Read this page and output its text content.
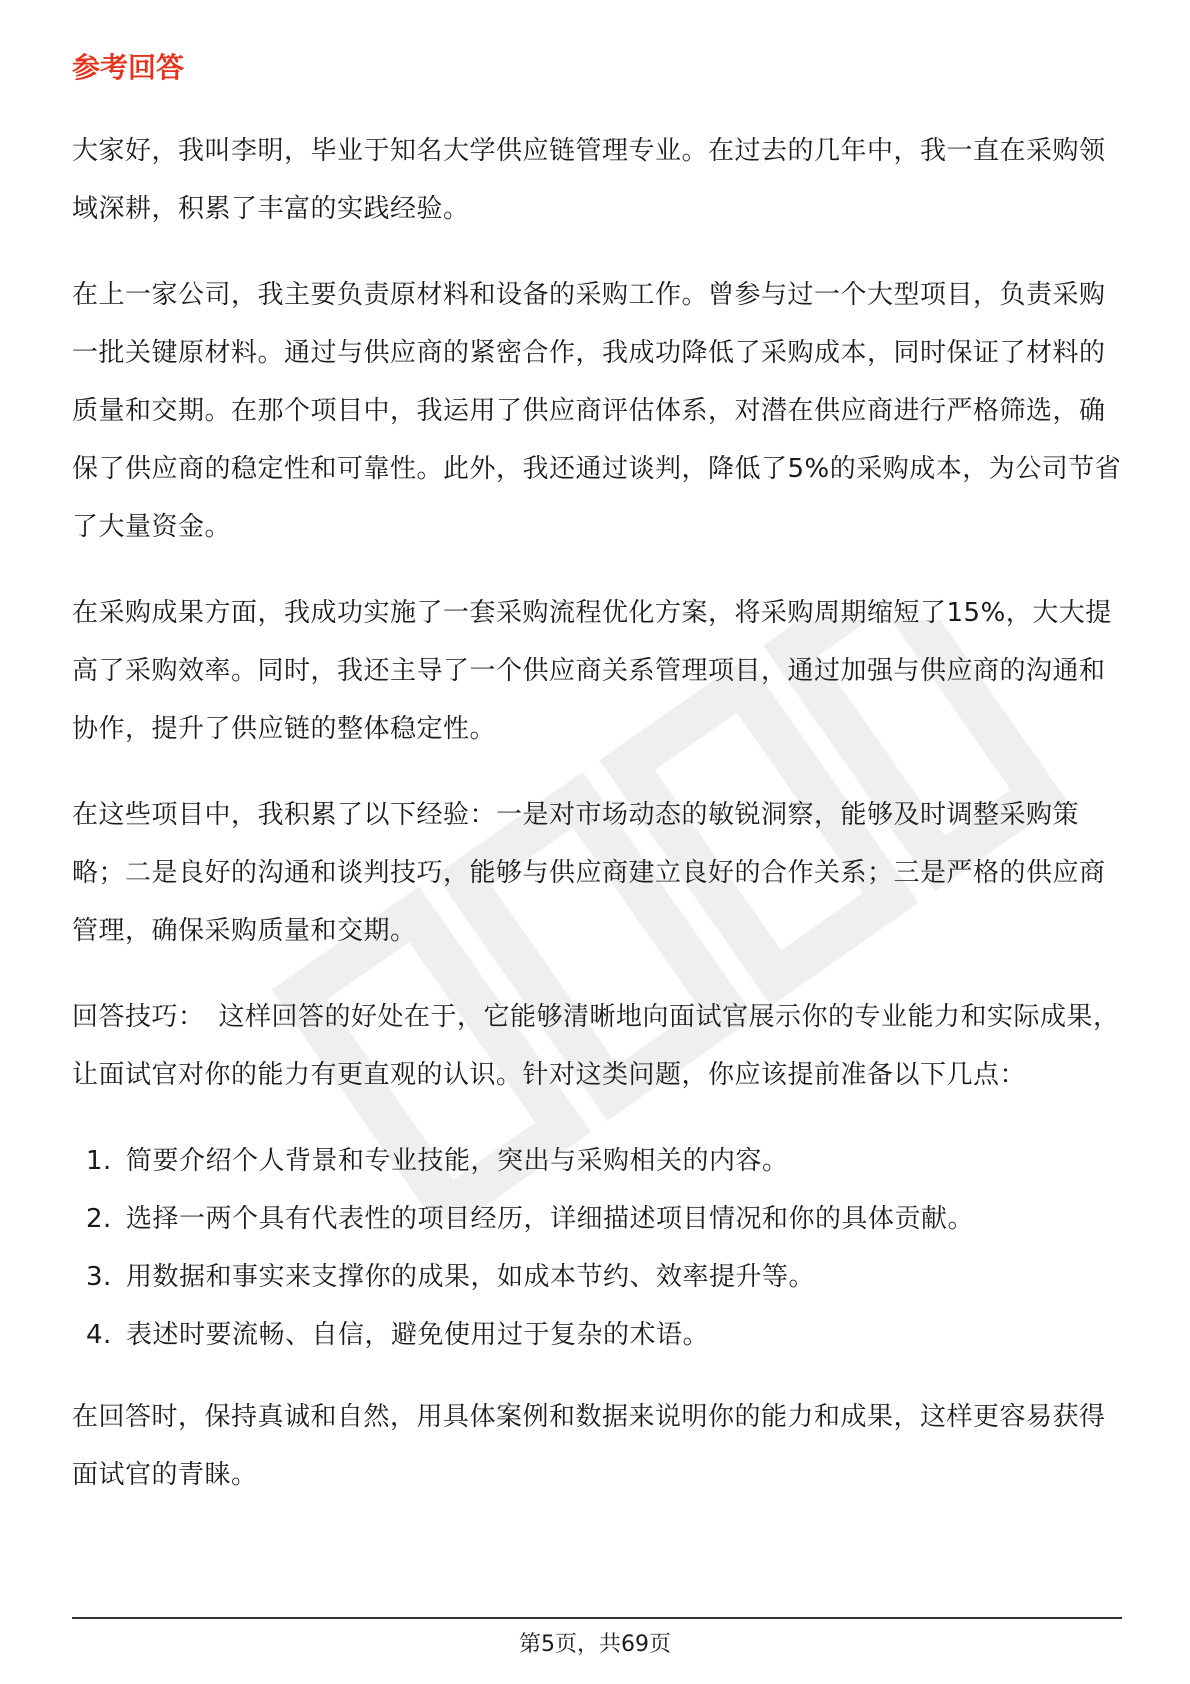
参考回答

大家好，我叫李明，毕业于知名大学供应链管理专业。在过去的几年中，我一直在采购领域深耕，积累了丰富的实践经验。

在上一家公司，我主要负责原材料和设备的采购工作。曾参与过一个大型项目，负责采购一批关键原材料。通过与供应商的紧密合作，我成功降低了采购成本，同时保证了材料的质量和交期。在那个项目中，我运用了供应商评估体系，对潜在供应商进行严格筛选，确保了供应商的稳定性和可靠性。此外，我还通过谈判，降低了5%的采购成本，为公司节省了大量资金。

在采购成果方面，我成功实施了一套采购流程优化方案，将采购周期缩短了15%，大大提高了采购效率。同时，我还主导了一个供应商关系管理项目，通过加强与供应商的沟通和协作，提升了供应链的整体稳定性。

在这些项目中，我积累了以下经验：一是对市场动态的敏锐洞察，能够及时调整采购策略；二是良好的沟通和谈判技巧，能够与供应商建立良好的合作关系；三是严格的供应商管理，确保采购质量和交期。

回答技巧： 这样回答的好处在于，它能够清晰地向面试官展示你的专业能力和实际成果，让面试官对你的能力有更直观的认识。针对这类问题，你应该提前准备以下几点：

1. 简要介绍个人背景和专业技能，突出与采购相关的内容。
2. 选择一两个具有代表性的项目经历，详细描述项目情况和你的具体贡献。
3. 用数据和事实来支撑你的成果，如成本节约、效率提升等。
4. 表述时要流畅、自信，避免使用过于复杂的术语。

在回答时，保持真诚和自然，用具体案例和数据来说明你的能力和成果，这样更容易获得面试官的青睐。

第5页，共69页
